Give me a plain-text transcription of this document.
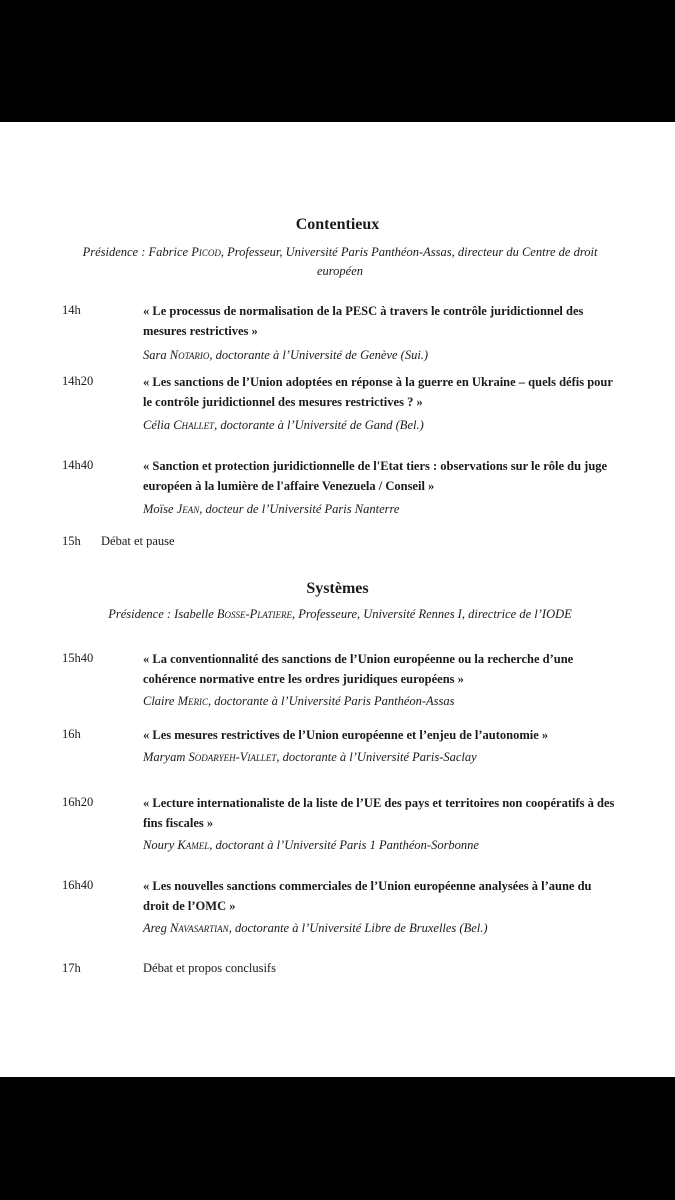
Contentieux
Présidence : Fabrice Picod, Professeur, Université Paris Panthéon-Assas, directeur du Centre de droit européen
14h	« Le processus de normalisation de la PESC à travers le contrôle juridictionnel des mesures restrictives »
Sara Notario, doctorante à l’Université de Genève (Sui.)
14h20	« Les sanctions de l’Union adoptées en réponse à la guerre en Ukraine – quels défis pour le contrôle juridictionnel des mesures restrictives ? »
Célia Challet, doctorante à l’Université de Gand (Bel.)
14h40	« Sanction et protection juridictionnelle de l'Etat tiers : observations sur le rôle du juge européen à la lumière de l'affaire Venezuela / Conseil »
Moïse Jean, docteur de l’Université Paris Nanterre
15h Débat et pause
Systèmes
Présidence : Isabelle Bosse-Platiere, Professeure, Université Rennes I, directrice de l’IODE
15h40	« La conventionnalité des sanctions de l’Union européenne ou la recherche d’une cohérence normative entre les ordres juridiques européens »
Claire Meric, doctorante à l’Université Paris Panthéon-Assas
16h	« Les mesures restrictives de l’Union européenne et l’enjeu de l’autonomie »
Maryam Sodaryeh-Viallet, doctorante à l’Université Paris-Saclay
16h20	« Lecture internationaliste de la liste de l’UE des pays et territoires non coopératifs à des fins fiscales »
Noury Kamel, doctorant à l’Université Paris 1 Panthéon-Sorbonne
16h40	« Les nouvelles sanctions commerciales de l’Union européenne analysées à l’aune du droit de l’OMC »
Areg Navasartian, doctorante à l’Université Libre de Bruxelles (Bel.)
17h	Débat et propos conclusifs
